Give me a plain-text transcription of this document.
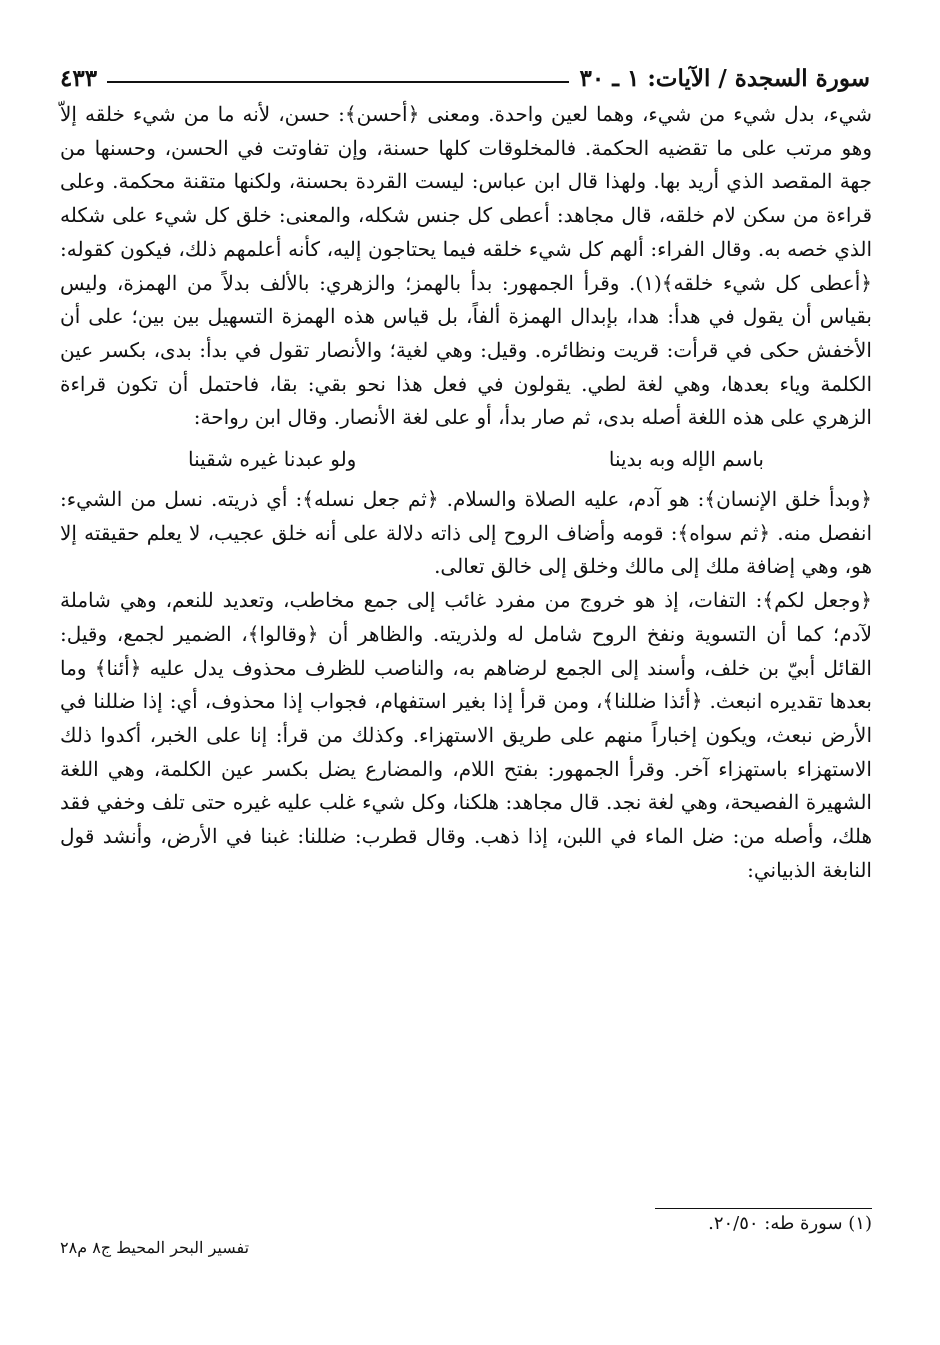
سورة السجدة / الآيات: ١ ـ ٣٠
٤٣٣

شيء، بدل شيء من شيء، وهما لعين واحدة. ومعنى ﴿أحسن﴾: حسن، لأنه ما من شيء خلقه إلاّ وهو مرتب على ما تقضيه الحكمة. فالمخلوقات كلها حسنة، وإن تفاوتت في الحسن، وحسنها من جهة المقصد الذي أريد بها. ولهذا قال ابن عباس: ليست القردة بحسنة، ولكنها متقنة محكمة. وعلى قراءة من سكن لام خلقه، قال مجاهد: أعطى كل جنس شكله، والمعنى: خلق كل شيء على شكله الذي خصه به. وقال الفراء: ألهم كل شيء خلقه فيما يحتاجون إليه، كأنه أعلمهم ذلك، فيكون كقوله: ﴿أعطى كل شيء خلقه﴾(١). وقرأ الجمهور: بدأ بالهمز؛ والزهري: بالألف بدلاً من الهمزة، وليس بقياس أن يقول في هدأ: هدا، بإبدال الهمزة ألفاً، بل قياس هذه الهمزة التسهيل بين بين؛ على أن الأخفش حكى في قرأت: قريت ونظائره. وقيل: وهي لغية؛ والأنصار تقول في بدأ: بدى، بكسر عين الكلمة وياء بعدها، وهي لغة لطي. يقولون في فعل هذا نحو بقي: بقا، فاحتمل أن تكون قراءة الزهري على هذه اللغة أصله بدى، ثم صار بدأ، أو على لغة الأنصار. وقال ابن رواحة:

باسم الإله وبه بدينا
ولو عبدنا غيره شقينا

﴿وبدأ خلق الإنسان﴾: هو آدم، عليه الصلاة والسلام. ﴿ثم جعل نسله﴾: أي ذريته. نسل من الشيء: انفصل منه. ﴿ثم سواه﴾: قومه وأضاف الروح إلى ذاته دلالة على أنه خلق عجيب، لا يعلم حقيقته إلا هو، وهي إضافة ملك إلى مالك وخلق إلى خالق تعالى.

﴿وجعل لكم﴾: التفات، إذ هو خروج من مفرد غائب إلى جمع مخاطب، وتعديد للنعم، وهي شاملة لآدم؛ كما أن التسوية ونفخ الروح شامل له ولذريته. والظاهر أن ﴿وقالوا﴾، الضمير لجمع، وقيل: القائل أبيّ بن خلف، وأسند إلى الجمع لرضاهم به، والناصب للظرف محذوف يدل عليه ﴿أئنا﴾ وما بعدها تقديره انبعث. ﴿أئذا ضللنا﴾، ومن قرأ إذا بغير استفهام، فجواب إذا محذوف، أي: إذا ضللنا في الأرض نبعث، ويكون إخباراً منهم على طريق الاستهزاء. وكذلك من قرأ: إنا على الخبر، أكدوا ذلك الاستهزاء باستهزاء آخر. وقرأ الجمهور: بفتح اللام، والمضارع يضل بكسر عين الكلمة، وهي اللغة الشهيرة الفصيحة، وهي لغة نجد. قال مجاهد: هلكنا، وكل شيء غلب عليه غيره حتى تلف وخفي فقد هلك، وأصله من: ضل الماء في اللبن، إذا ذهب. وقال قطرب: ضللنا: غبنا في الأرض، وأنشد قول النابغة الذبياني:

(١) سورة طه: ٢٠/٥٠.
تفسير البحر المحيط ج٨ م٢٨
